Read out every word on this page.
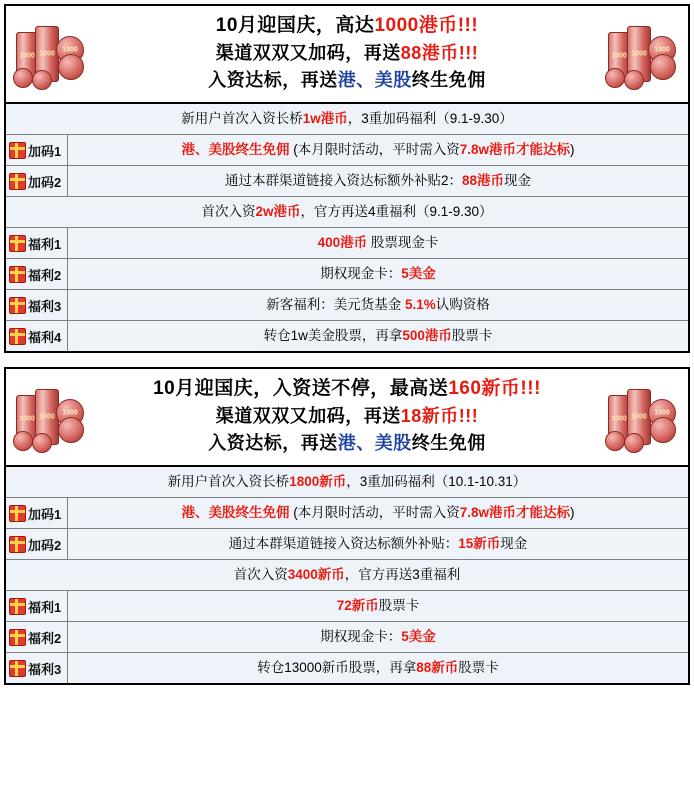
1000 1000
1000
10月迎国庆，高达1000港币!!!
渠道双双又加码，再送88港币!!!
入资达标，再送港、美股终生免佣
1000 1000
1000
新用户首次入资长桥 1w港币 ，3重加码福利（9.1-9.30）
加码1	港、美股终生免佣
(本月限时活动，平时需入资7.8w港币才能达标)
加码2	通过本群渠道链接入资达标额外补贴2： 88港币 现金
首次入资 2w港币 ，官方再送4重福利（9.1-9.30）
福利1	400港币 股票现金卡
福利2	期权现金卡： 5美金
福利3	新客福利：美元货基金 5.1% 认购资格
福利4	转仓1w美金股票，再拿 500港币 股票卡
1000 1000
1000
10月迎国庆，入资送不停，最高送160新币!!!
渠道双双又加码，再送18新币!!!
入资达标，再送港、美股终生免佣
1000 1000
1000
新用户首次入资长桥 1800新币 ，3重加码福利（10.1-10.31）
加码1	港、美股终生免佣
(本月限时活动，平时需入资7.8w港币才能达标)
加码2	通过本群渠道链接入资达标额外补贴： 15新币 现金
首次入资 3400新币 ，官方再送3重福利
福利1	72新币 股票卡
福利2	期权现金卡： 5美金
福利3	转仓13000新币股票，再拿 88新币 股票卡
